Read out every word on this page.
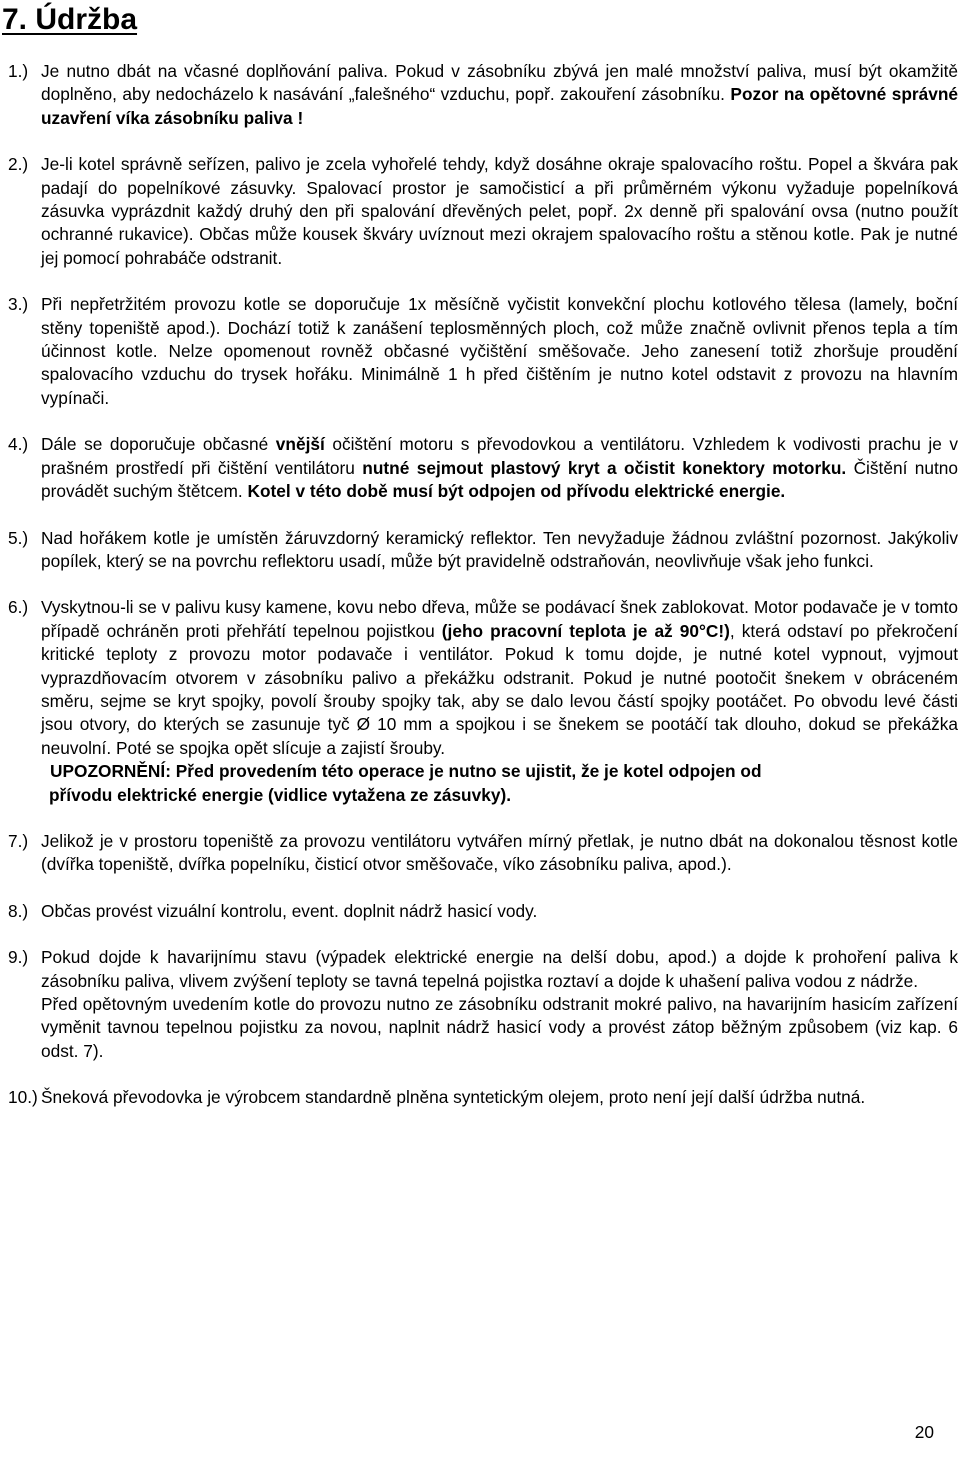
7. Údržba
1.) Je nutno dbát na včasné doplňování paliva. Pokud v zásobníku zbývá jen malé množství paliva, musí být okamžitě doplněno, aby nedocházelo k nasávání „falešného“ vzduchu, popř. zakouření zásobníku. Pozor na opětovné správné uzavření víka zásobníku paliva !

2.) Je-li kotel správně seřízen, palivo je zcela vyhořelé tehdy, když dosáhne okraje spalovacího roštu. Popel a škvára pak padají do popelníkové zásuvky. Spalovací prostor je samočisticí a při průměrném výkonu vyžaduje popelníková zásuvka vyprázdnit každý druhý den při spalování dřevěných pelet, popř. 2x denně při spalování ovsa (nutno použít ochranné rukavice). Občas může kousek škváry uvíznout mezi okrajem spalovacího roštu a stěnou kotle. Pak je nutné jej pomocí pohrabáče odstranit.

3.) Při nepřetržitém provozu kotle se doporučuje 1x měsíčně vyčistit konvekční plochu kotlového tělesa (lamely, boční stěny topeniště apod.). Dochází totiž k zanášení teplosměnných ploch, což může značně ovlivnit přenos tepla a tím účinnost kotle. Nelze opomenout rovněž občasné vyčištění směšovače. Jeho zanesení totiž zhoršuje proudění spalovacího vzduchu do trysek hořáku. Minimálně 1 h před čištěním je nutno kotel odstavit z provozu na hlavním vypínači.

4.) Dále se doporučuje občasné vnější očištění motoru s převodovkou a ventilátoru. Vzhledem k vodivosti prachu je v prašném prostředí při čištění ventilátoru nutné sejmout plastový kryt a očistit konektory motorku. Čištění nutno provádět suchým štětcem. Kotel v této době musí být odpojen od přívodu elektrické energie.

5.) Nad hořákem kotle je umístěn žáruvzdorný keramický reflektor. Ten nevyžaduje žádnou zvláštní pozornost. Jakýkoliv popílek, který se na povrchu reflektoru usadí, může být pravidelně odstraňován, neovlivňuje však jeho funkci.

6.) Vyskytnou-li se v palivu kusy kamene, kovu nebo dřeva, může se podávací šnek zablokovat. Motor podavače je v tomto případě ochráněn proti přehřátí tepelnou pojistkou (jeho pracovní teplota je až 90°C!), která odstaví po překročení kritické teploty z provozu motor podavače i ventilátor. Pokud k tomu dojde, je nutné kotel vypnout, vyjmout vyprazdňovacím otvorem v zásobníku palivo a překážku odstranit. Pokud je nutné pootočit šnekem v obráceném směru, sejme se kryt spojky, povolí šrouby spojky tak, aby se dalo levou částí spojky pootáčet. Po obvodu levé části jsou otvory, do kterých se zasunuje tyč Ø 10 mm a spojkou i se šnekem se pootáčí tak dlouho, dokud se překážka neuvolní. Poté se spojka opět slícuje a zajistí šrouby.

UPOZORNĚNÍ: Před provedením této operace je nutno se ujistit, že je kotel odpojen od

přívodu elektrické energie (vidlice vytažena ze zásuvky).

7.) Jelikož je v prostoru topeniště za provozu ventilátoru vytvářen mírný přetlak, je nutno dbát na dokonalou těsnost kotle (dvířka topeniště, dvířka popelníku, čisticí otvor směšovače, víko zásobníku paliva, apod.).

8.) Občas provést vizuální kontrolu, event. doplnit nádrž hasicí vody.

9.) Pokud dojde k havarijnímu stavu (výpadek elektrické energie na delší dobu, apod.) a dojde k prohoření paliva k zásobníku paliva, vlivem zvýšení teploty se tavná tepelná pojistka roztaví a dojde k uhašení paliva vodou z nádrže.

Před opětovným uvedením kotle do provozu nutno ze zásobníku odstranit mokré palivo, na havarijním hasicím zařízení vyměnit tavnou tepelnou pojistku za novou, naplnit nádrž hasicí vody a provést zátop běžným způsobem (viz kap. 6 odst. 7).

10.) Šneková převodovka je výrobcem standardně plněna syntetickým olejem, proto není její další údržba nutná.

20
